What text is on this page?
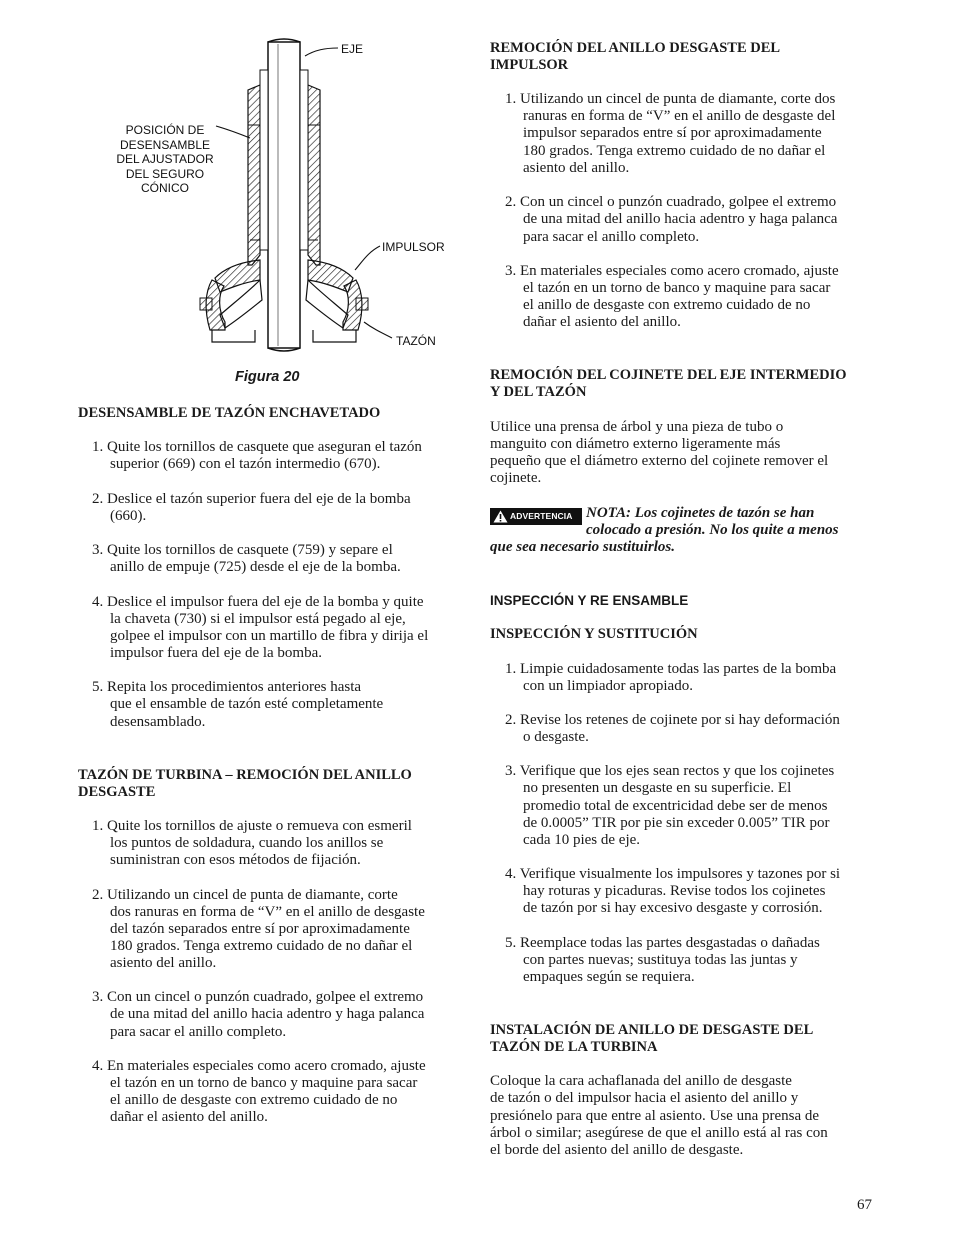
EJE
POSICIÓN DE
DESENSAMBLE
DEL AJUSTADOR
DEL SEGURO
CÓNICO
IMPULSOR
TAZÓN
Figura 20
DESENSAMBLE DE TAZÓN ENCHAVETADO
1. Quite los tornillos de casquete que aseguran el tazón
superior (669) con el tazón intermedio (670).
2. Deslice el tazón superior fuera del eje de la bomba
(660).
3. Quite los tornillos de casquete (759) y separe el
anillo de empuje (725) desde el eje de la bomba.
4. Deslice el impulsor fuera del eje de la bomba y quite
la chaveta (730) si el impulsor está pegado al eje,
golpee el impulsor con un martillo de fibra y dirija el
impulsor fuera del eje de la bomba.
5. Repita los procedimientos anteriores hasta
que el ensamble de tazón esté completamente
desensamblado.
TAZÓN DE TURBINA – REMOCIÓN DEL ANILLO
DESGASTE
1. Quite los tornillos de ajuste o remueva con esmeril
los puntos de soldadura, cuando los anillos se
suministran con esos métodos de fijación.
2. Utilizando un cincel de punta de diamante, corte
dos ranuras en forma de “V” en el anillo de desgaste
del tazón separados entre sí por aproximadamente
180 grados. Tenga extremo cuidado de no dañar el
asiento del anillo.
3. Con un cincel o punzón cuadrado, golpee el extremo
de una mitad del anillo hacia adentro y haga palanca
para sacar el anillo completo.
4. En materiales especiales como acero cromado, ajuste
el tazón en un torno de banco y maquine para sacar
el anillo de desgaste con extremo cuidado de no
dañar el asiento del anillo.
REMOCIÓN DEL ANILLO DESGASTE DEL
IMPULSOR
1. Utilizando un cincel de punta de diamante, corte dos
ranuras en forma de “V” en el anillo de desgaste del
impulsor separados entre sí por aproximadamente
180 grados. Tenga extremo cuidado de no dañar el
asiento del anillo.
2. Con un cincel o punzón cuadrado, golpee el extremo
de una mitad del anillo hacia adentro y haga palanca
para sacar el anillo completo.
3. En materiales especiales como acero cromado, ajuste
el tazón en un torno de banco y maquine para sacar
el anillo de desgaste con extremo cuidado de no
dañar el asiento del anillo.
REMOCIÓN DEL COJINETE DEL EJE INTERMEDIO
Y DEL TAZÓN
Utilice una prensa de árbol y una pieza de tubo o
manguito con diámetro externo ligeramente más
pequeño que el diámetro externo del cojinete remover el
cojinete.
ADVERTENCIA NOTA: Los cojinetes de tazón se han
colocado a presión. No los quite a menos
que sea necesario sustituirlos.
INSPECCIÓN Y RE ENSAMBLE
INSPECCIÓN Y SUSTITUCIÓN
1. Limpie cuidadosamente todas las partes de la bomba
con un limpiador apropiado.
2. Revise los retenes de cojinete por si hay deformación
o desgaste.
3. Verifique que los ejes sean rectos y que los cojinetes
no presenten un desgaste en su superficie. El
promedio total de excentricidad debe ser de menos
de 0.0005” TIR por pie sin exceder 0.005” TIR por
cada 10 pies de eje.
4. Verifique visualmente los impulsores y tazones por si
hay roturas y picaduras. Revise todos los cojinetes
de tazón por si hay excesivo desgaste y corrosión.
5. Reemplace todas las partes desgastadas o dañadas
con partes nuevas; sustituya todas las juntas y
empaques según se requiera.
INSTALACIÓN DE ANILLO DE DESGASTE DEL
TAZÓN DE LA TURBINA
Coloque la cara achaflanada del anillo de desgaste
de tazón o del impulsor hacia el asiento del anillo y
presiónelo para que entre al asiento. Use una prensa de
árbol o similar; asegúrese de que el anillo está al ras con
el borde del asiento del anillo de desgaste.
67
